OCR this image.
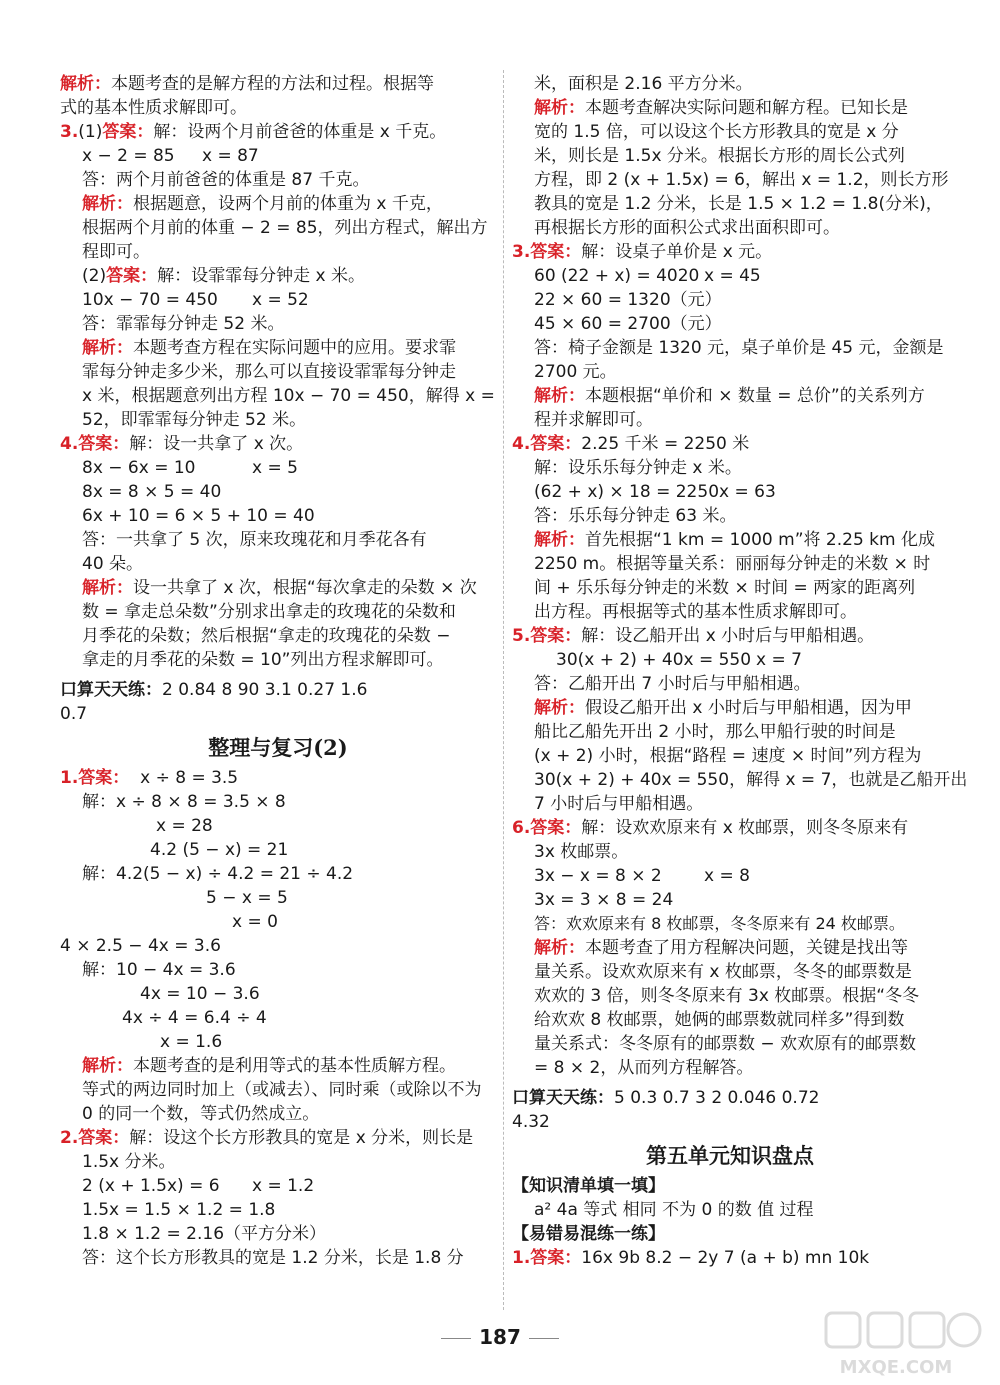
解析：本题考查的是解方程的方法和过程。根据等
式的基本性质求解即可。
3.(1)答案：解：设两个月前爸爸的体重是 x 千克。
x − 2 = 85	x = 87
答：两个月前爸爸的体重是 87 千克。
解析：根据题意，设两个月前的体重为 x 千克，
根据两个月前的体重 − 2 = 85，列出方程式，解出方
程即可。
(2)答案：解：设霏霏每分钟走 x 米。
10x − 70 = 450	x = 52
答：霏霏每分钟走 52 米。
解析：本题考查方程在实际问题中的应用。要求霏
霏每分钟走多少米，那么可以直接设霏霏每分钟走
x 米，根据题意列出方程 10x − 70 = 450，解得 x =
52，即霏霏每分钟走 52 米。
4.答案：解：设一共拿了 x 次。
8x − 6x = 10	x = 5
8x = 8 × 5 = 40
6x + 10 = 6 × 5 + 10 = 40
答：一共拿了 5 次，原来玫瑰花和月季花各有
40 朵。
解析：设一共拿了 x 次，根据“每次拿走的朵数 × 次
数 = 拿走总朵数”分别求出拿走的玫瑰花的朵数和
月季花的朵数；然后根据“拿走的玫瑰花的朵数 −
拿走的月季花的朵数 = 10”列出方程求解即可。
口算天天练：2 0.84 8 90 3.1 0.27 1.6
0.7
整理与复习(2)
1.答案： x ÷ 8 = 3.5
解：x ÷ 8 × 8 = 3.5 × 8
x = 28
4.2 (5 − x) = 21
解：4.2(5 − x) ÷ 4.2 = 21 ÷ 4.2
5 − x = 5
x = 0
4 × 2.5 − 4x = 3.6
解：10 − 4x = 3.6
4x = 10 − 3.6
4x ÷ 4 = 6.4 ÷ 4
x = 1.6
解析：本题考查的是利用等式的基本性质解方程。
等式的两边同时加上（或减去）、同时乘（或除以不为
0 的同一个数，等式仍然成立。
2.答案：解：设这个长方形教具的宽是 x 分米，则长是
1.5x 分米。
2 (x + 1.5x) = 6	x = 1.2
1.5x = 1.5 × 1.2 = 1.8
1.8 × 1.2 = 2.16（平方分米）
答：这个长方形教具的宽是 1.2 分米，长是 1.8 分
米，面积是 2.16 平方分米。
解析：本题考查解决实际问题和解方程。已知长是
宽的 1.5 倍，可以设这个长方形教具的宽是 x 分
米，则长是 1.5x 分米。根据长方形的周长公式列
方程，即 2 (x + 1.5x) = 6，解出 x = 1.2，则长方形
教具的宽是 1.2 分米，长是 1.5 × 1.2 = 1.8(分米)，
再根据长方形的面积公式求出面积即可。
3.答案：解：设桌子单价是 x 元。
60 (22 + x) = 4020 x = 45
22 × 60 = 1320（元）
45 × 60 = 2700（元）
答：椅子金额是 1320 元，桌子单价是 45 元，金额是
2700 元。
解析：本题根据“单价和 × 数量 = 总价”的关系列方
程并求解即可。
4.答案：2.25 千米 = 2250 米
解：设乐乐每分钟走 x 米。
(62 + x) × 18 = 2250 x = 63
答：乐乐每分钟走 63 米。
解析：首先根据“1 km = 1000 m”将 2.25 km 化成
2250 m。根据等量关系：丽丽每分钟走的米数 × 时
间 + 乐乐每分钟走的米数 × 时间 = 两家的距离列
出方程。再根据等式的基本性质求解即可。
5.答案：解：设乙船开出 x 小时后与甲船相遇。
30(x + 2) + 40x = 550 x = 7
答：乙船开出 7 小时后与甲船相遇。
解析：假设乙船开出 x 小时后与甲船相遇，因为甲
船比乙船先开出 2 小时，那么甲船行驶的时间是
(x + 2) 小时，根据“路程 = 速度 × 时间”列方程为
30(x + 2) + 40x = 550，解得 x = 7，也就是乙船开出
7 小时后与甲船相遇。
6.答案：解：设欢欢原来有 x 枚邮票，则冬冬原来有
3x 枚邮票。
3x − x = 8 × 2	x = 8
3x = 3 × 8 = 24
答：欢欢原来有 8 枚邮票，冬冬原来有 24 枚邮票。
解析：本题考查了用方程解决问题，关键是找出等
量关系。设欢欢原来有 x 枚邮票，冬冬的邮票数是
欢欢的 3 倍，则冬冬原来有 3x 枚邮票。根据“冬冬
给欢欢 8 枚邮票，她俩的邮票数就同样多”得到数
量关系式：冬冬原有的邮票数 − 欢欢原有的邮票数
= 8 × 2，从而列方程解答。
口算天天练：5 0.3 0.7 3 2 0.046 0.72
4.32
第五单元知识盘点
【知识清单填一填】
a² 4a 等式 相同 不为 0 的数 值 过程
【易错易混练一练】
1.答案：16x 9b 8.2 − 2y 7 (a + b) mn 10k
187
MXQE.COM
